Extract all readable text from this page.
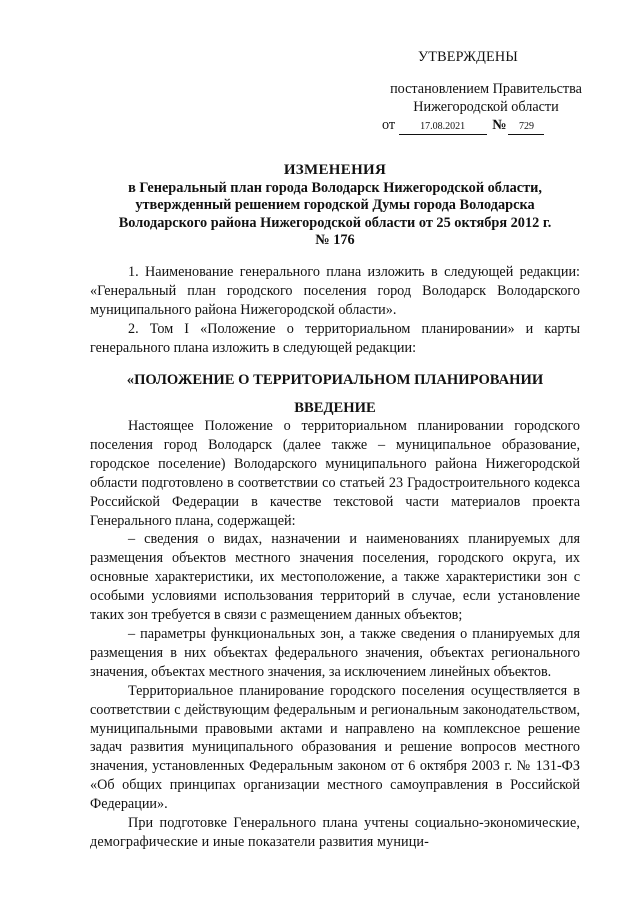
УТВЕРЖДЕНЫ
постановлением Правительства
Нижегородской области
от	17.08.2021 № 729
ИЗМЕНЕНИЯ
в Генеральный план города Володарск Нижегородской области,
утвержденный решением городской Думы города Володарска
Володарского района Нижегородской области от 25 октября 2012 г.
№ 176

1. Наименование генерального плана изложить в следующей редакции: «Генеральный план городского поселения город Володарск Володарского муниципального района Нижегородской области».

2. Том I «Положение о территориальном планировании» и карты генерального плана изложить в следующей редакции:

«ПОЛОЖЕНИЕ О ТЕРРИТОРИАЛЬНОМ ПЛАНИРОВАНИИ
ВВЕДЕНИЕ

Настоящее Положение о территориальном планировании городского поселения город Володарск (далее также – муниципальное образование, городское поселение) Володарского муниципального района Нижегородской области подготовлено в соответствии со статьей 23 Градостроительного кодекса Российской Федерации в качестве текстовой части материалов проекта Генерального плана, содержащей:

– сведения о видах, назначении и наименованиях планируемых для размещения объектов местного значения поселения, городского округа, их основные характеристики, их местоположение, а также характеристики зон с особыми условиями использования территорий в случае, если установление таких зон требуется в связи с размещением данных объектов;

– параметры функциональных зон, а также сведения о планируемых для размещения в них объектах федерального значения, объектах регионального значения, объектах местного значения, за исключением линейных объектов.

Территориальное планирование городского поселения осуществляется в соответствии с действующим федеральным и региональным законодательством, муниципальными правовыми актами и направлено на комплексное решение задач развития муниципального образования и решение вопросов местного значения, установленных Федеральным законом от 6 октября 2003 г. № 131-ФЗ «Об общих принципах организации местного самоуправления в Российской Федерации».

При подготовке Генерального плана учтены социально-экономические, демографические и иные показатели развития муници-
